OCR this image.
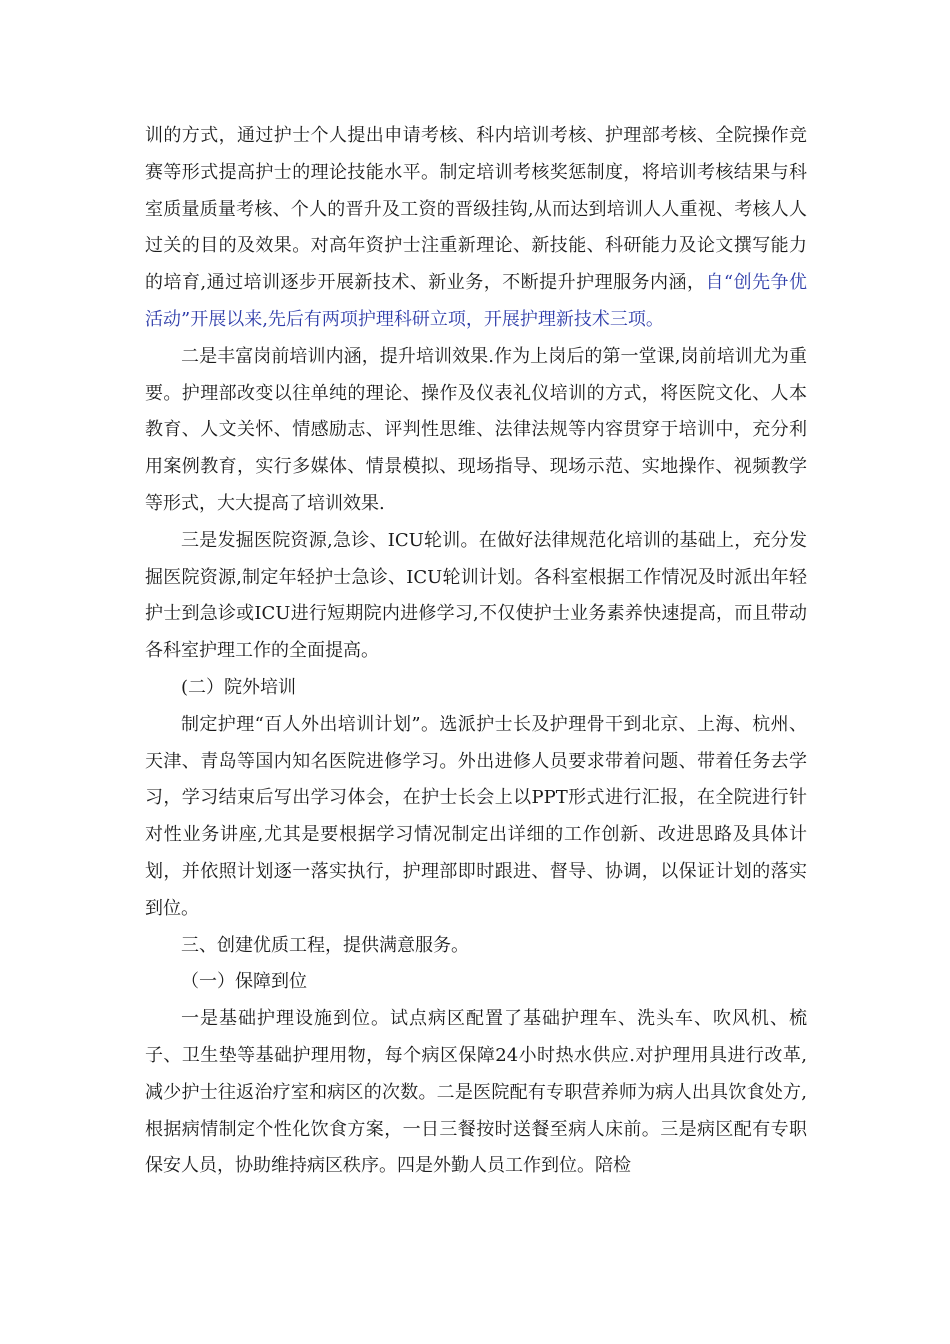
训的方式，通过护士个人提出申请考核、科内培训考核、护理部考核、全院操作竞赛等形式提高护士的理论技能水平。制定培训考核奖惩制度，将培训考核结果与科室质量质量考核、个人的晋升及工资的晋级挂钩,从而达到培训人人重视、考核人人过关的目的及效果。对高年资护士注重新理论、新技能、科研能力及论文撰写能力的培育,通过培训逐步开展新技术、新业务，不断提升护理服务内涵，自“创先争优活动”开展以来,先后有两项护理科研立项，开展护理新技术三项。

二是丰富岗前培训内涵，提升培训效果.作为上岗后的第一堂课,岗前培训尤为重要。护理部改变以往单纯的理论、操作及仪表礼仪培训的方式，将医院文化、人本教育、人文关怀、情感励志、评判性思维、法律法规等内容贯穿于培训中，充分利用案例教育，实行多媒体、情景模拟、现场指导、现场示范、实地操作、视频教学等形式，大大提高了培训效果.

三是发掘医院资源,急诊、ICU轮训。在做好法律规范化培训的基础上，充分发掘医院资源,制定年轻护士急诊、ICU轮训计划。各科室根据工作情况及时派出年轻护士到急诊或ICU进行短期院内进修学习,不仅使护士业务素养快速提高，而且带动各科室护理工作的全面提高。

(二）院外培训

制定护理“百人外出培训计划”。选派护士长及护理骨干到北京、上海、杭州、天津、青岛等国内知名医院进修学习。外出进修人员要求带着问题、带着任务去学习，学习结束后写出学习体会，在护士长会上以PPT形式进行汇报，在全院进行针对性业务讲座,尤其是要根据学习情况制定出详细的工作创新、改进思路及具体计划，并依照计划逐一落实执行，护理部即时跟进、督导、协调，以保证计划的落实到位。

三、创建优质工程，提供满意服务。

（一）保障到位

一是基础护理设施到位。试点病区配置了基础护理车、洗头车、吹风机、梳子、卫生垫等基础护理用物，每个病区保障24小时热水供应.对护理用具进行改革,减少护士往返治疗室和病区的次数。二是医院配有专职营养师为病人出具饮食处方,根据病情制定个性化饮食方案，一日三餐按时送餐至病人床前。三是病区配有专职保安人员，协助维持病区秩序。四是外勤人员工作到位。陪检
